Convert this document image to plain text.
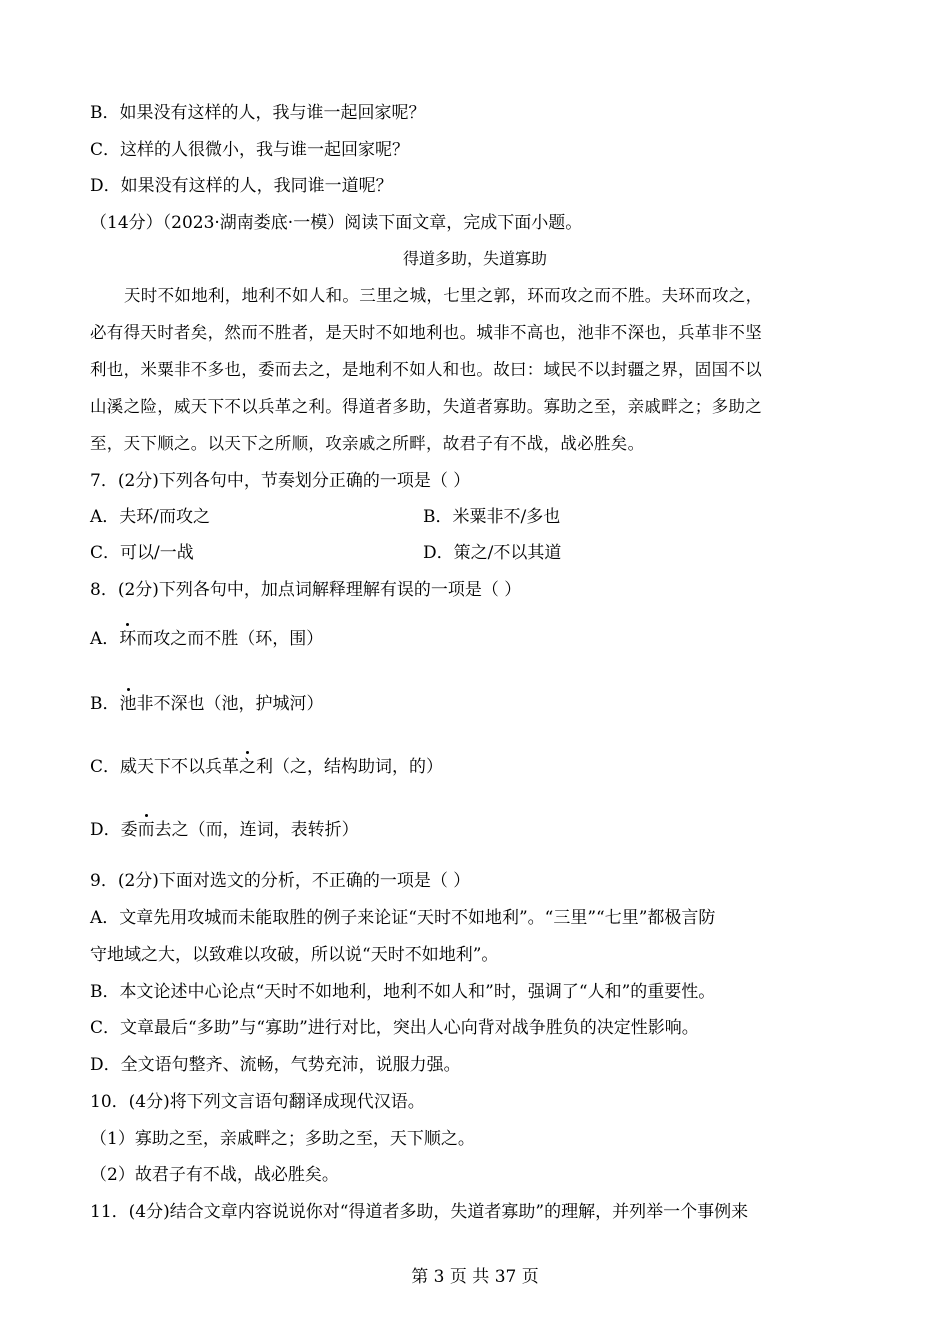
B．如果没有这样的人，我与谁一起回家呢？
C．这样的人很微小，我与谁一起回家呢？
D．如果没有这样的人，我同谁一道呢？
（14分）（2023·湖南娄底·一模）阅读下面文章，完成下面小题。
得道多助，失道寡助
天时不如地利，地利不如人和。三里之城，七里之郭，环而攻之而不胜。夫环而攻之，
必有得天时者矣，然而不胜者，是天时不如地利也。城非不高也，池非不深也，兵革非不坚
利也，米粟非不多也，委而去之，是地利不如人和也。故曰：域民不以封疆之界，固国不以
山溪之险，威天下不以兵革之利。得道者多助，失道者寡助。寡助之至，亲戚畔之；多助之
至，天下顺之。以天下之所顺，攻亲戚之所畔，故君子有不战，战必胜矣。
7．(2分)下列各句中，节奏划分正确的一项是（ ）
A．夫环/而攻之	B．米粟非不/多也
C．可以/一战	D．策之/不以其道
8．(2分)下列各句中，加点词解释理解有误的一项是（ ）
A．环而攻之而不胜（环，围）
B．池非不深也（池，护城河）
C．威天下不以兵革之利（之，结构助词，的）
D．委而去之（而，连词，表转折）
9．(2分)下面对选文的分析，不正确的一项是（ ）
A．文章先用攻城而未能取胜的例子来论证“天时不如地利”。“三里”“七里”都极言防
守地域之大，以致难以攻破，所以说“天时不如地利”。
B．本文论述中心论点“天时不如地利，地利不如人和”时，强调了“人和”的重要性。
C．文章最后“多助”与“寡助”进行对比，突出人心向背对战争胜负的决定性影响。
D．全文语句整齐、流畅，气势充沛，说服力强。
10．(4分)将下列文言语句翻译成现代汉语。
（1）寡助之至，亲戚畔之；多助之至，天下顺之。
（2）故君子有不战，战必胜矣。
11．(4分)结合文章内容说说你对“得道者多助，失道者寡助”的理解，并列举一个事例来
第 3 页 共 37 页
